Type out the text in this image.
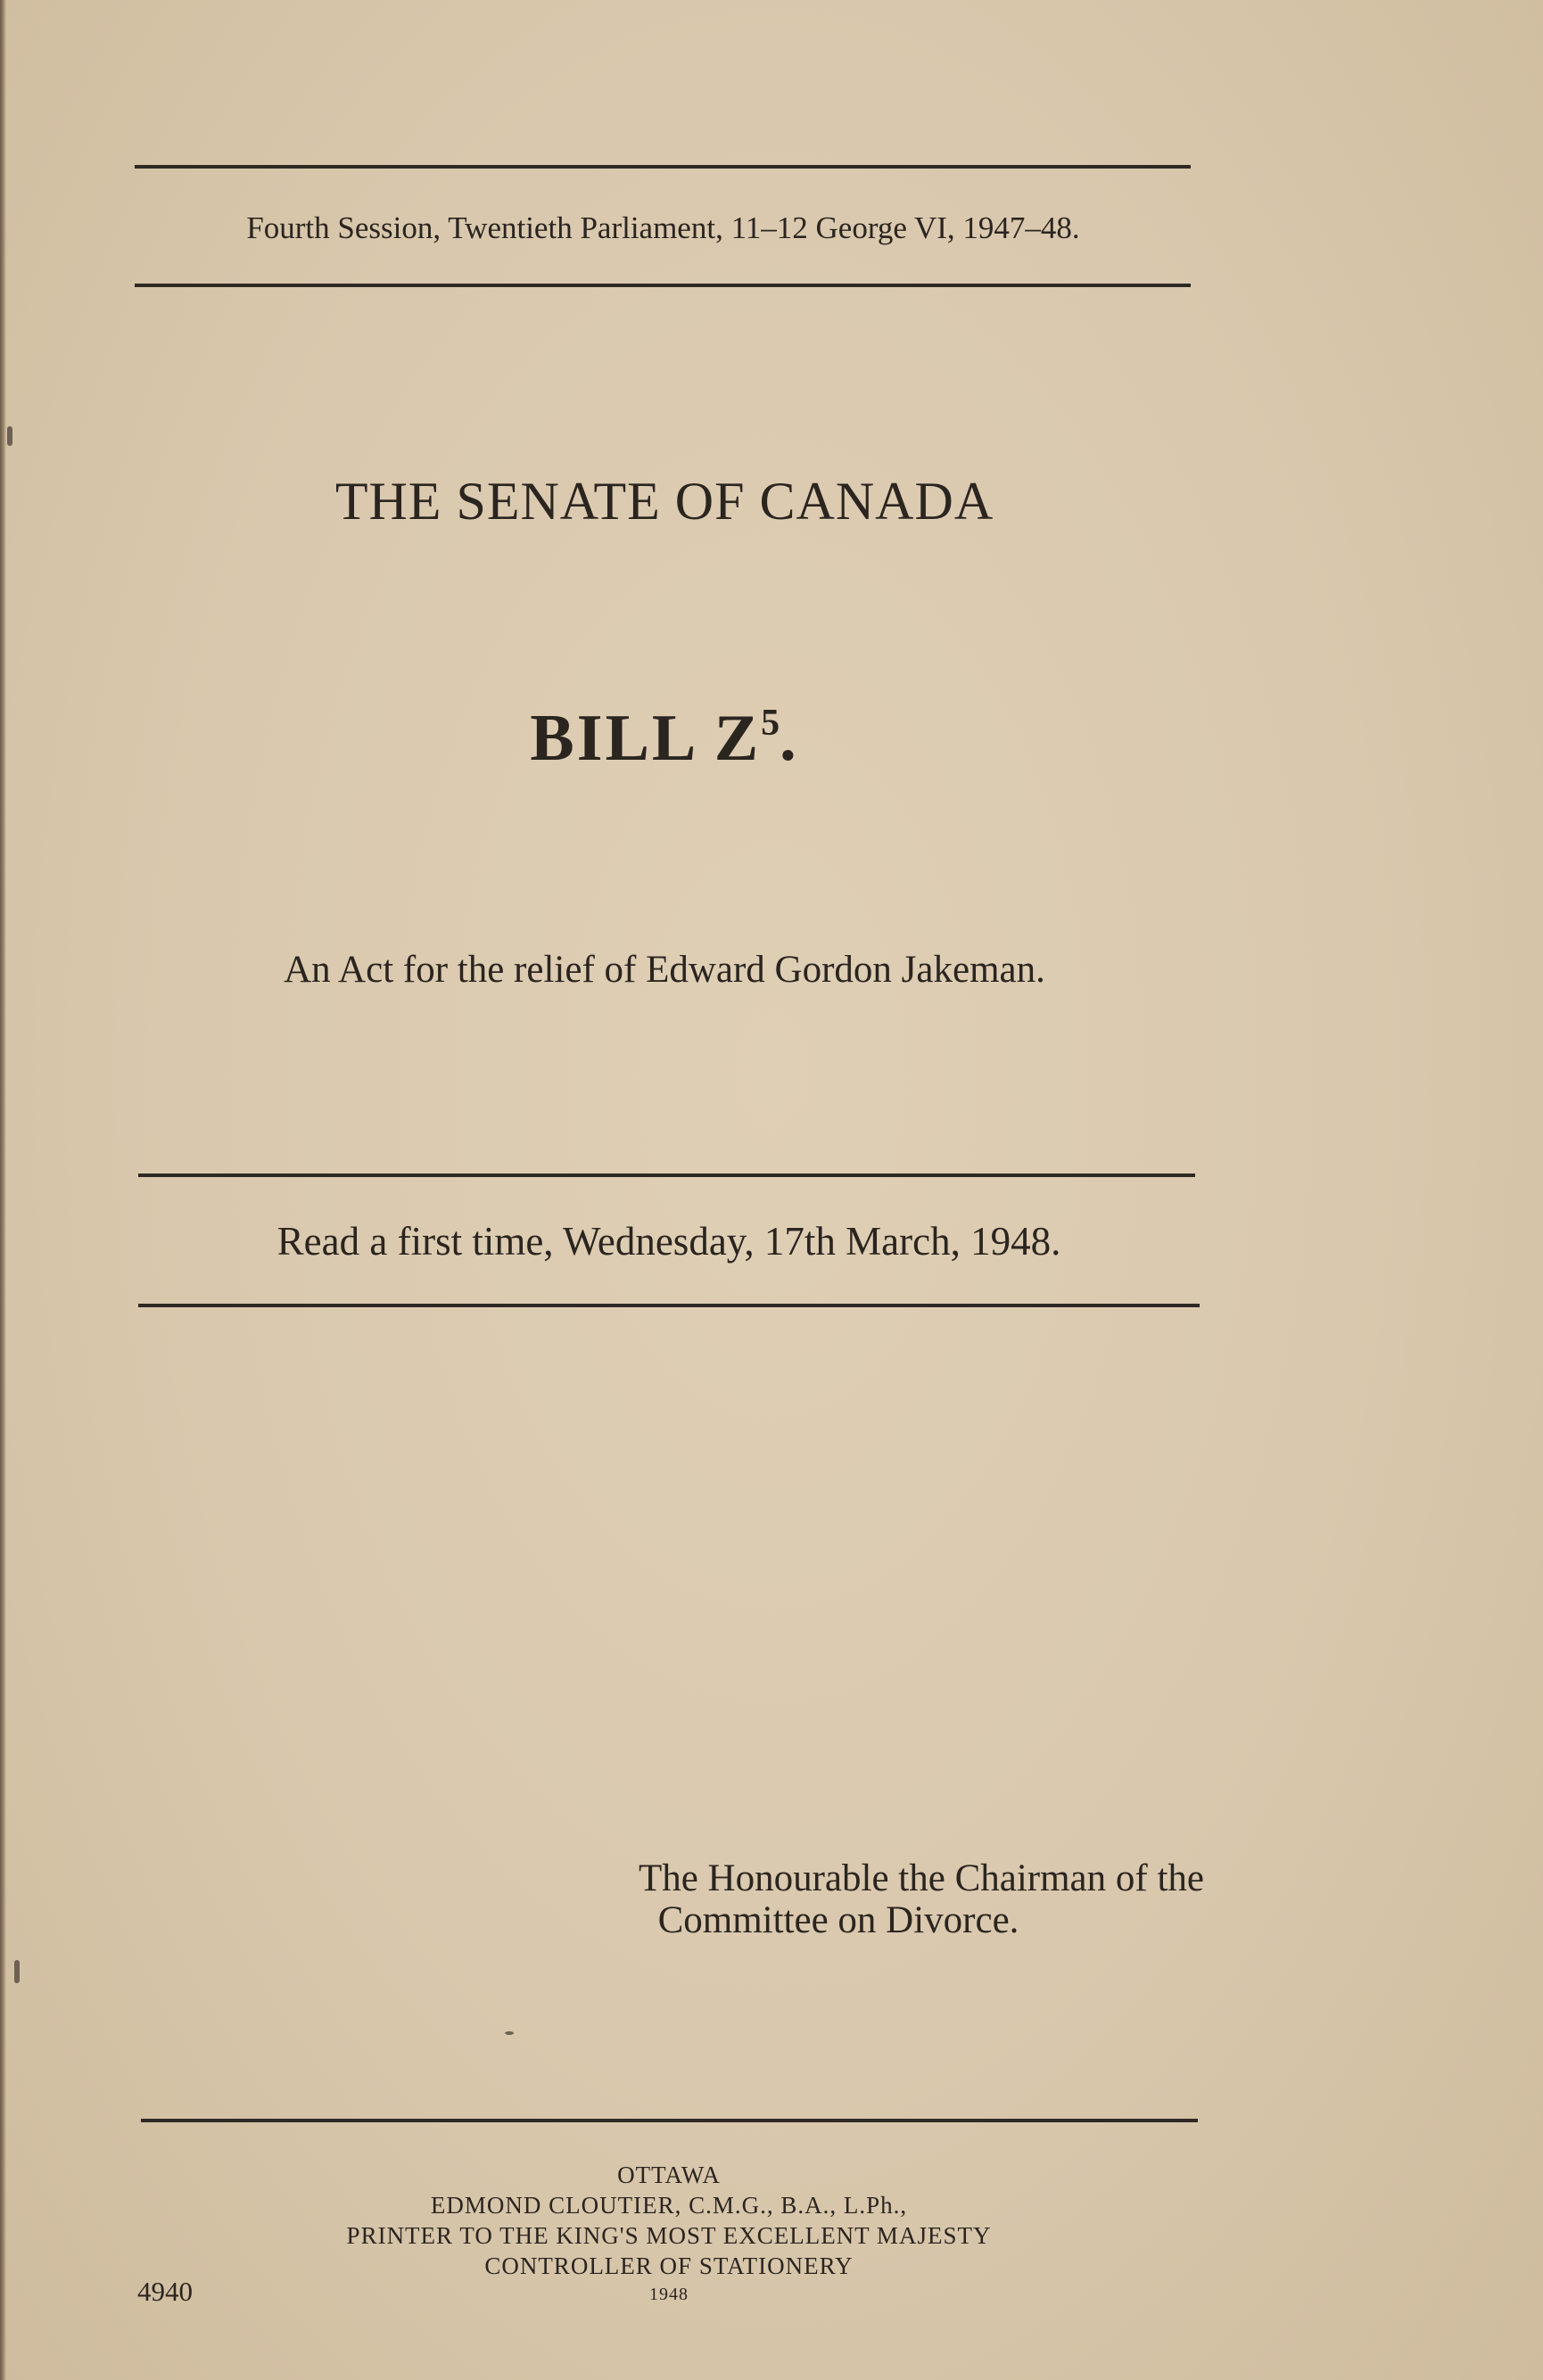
Fourth Session, Twentieth Parliament, 11–12 George VI, 1947–48.
THE SENATE OF CANADA
BILL $Z^5$.
An Act for the relief of Edward Gordon Jakeman.
Read a first time, Wednesday, 17th March, 1948.
The Honourable the Chairman of the
Committee on Divorce.
OTTAWA
EDMOND CLOUTIER, C.M.G., B.A., L.Ph.,
PRINTER TO THE KING'S MOST EXCELLENT MAJESTY
CONTROLLER OF STATIONERY
1948
4940
